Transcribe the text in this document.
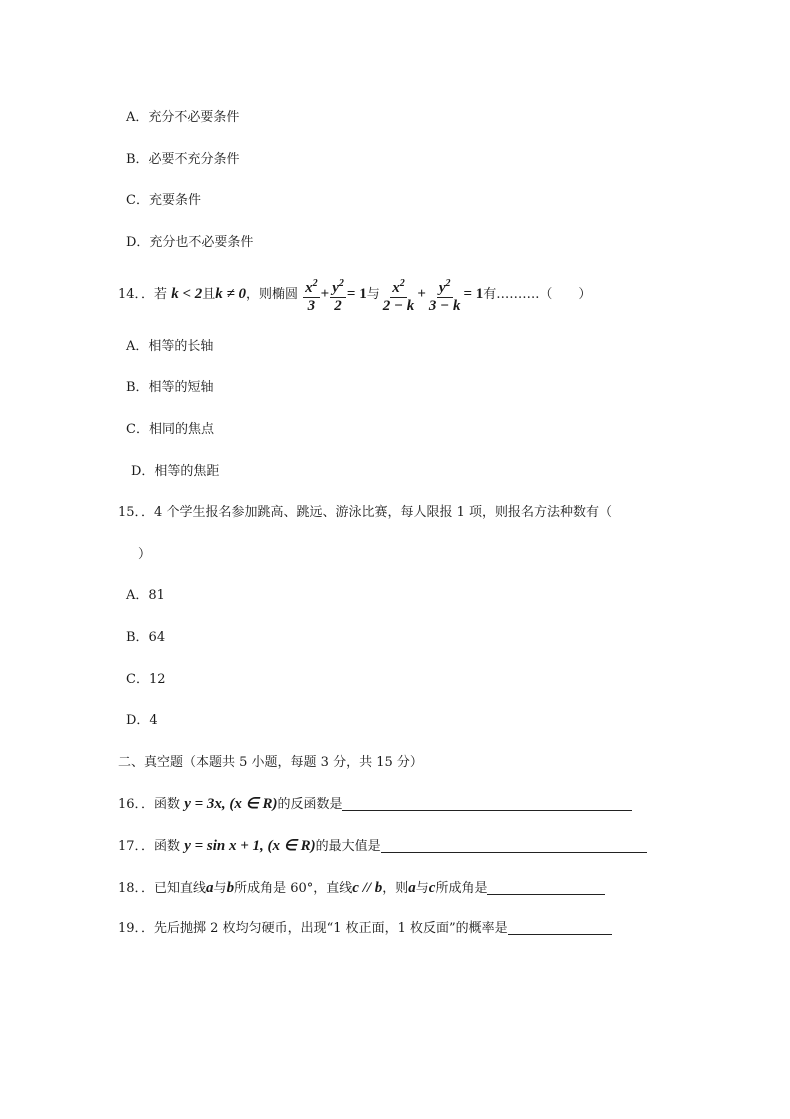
A．充分不必要条件
B．必要不充分条件
C．充要条件
D．充分也不必要条件
14．．若 k < 2且k ≠ 0，则椭圆 $\frac{x^2}{3} + \frac{y^2}{2} = 1$与 $\frac{x^2}{2 - k} + \frac{y^2}{3 - k} = 1$有……….（　　）
A．相等的长轴
B．相等的短轴
C．相同的焦点
D．相等的焦距
15．．4 个学生报名参加跳高、跳远、游泳比赛，每人限报 1 项，则报名方法种数有（
）
A．81
B．64
C．12
D．4
二、真空题（本题共 5 小题，每题 3 分，共 15 分）
16．．函数 y = 3x, (x ∈ R)的反函数是
17．．函数 y = sin x + 1, (x ∈ R)的最大值是
18．．已知直线a与b所成角是 60°，直线c // b，则a与c所成角是
19．．先后抛掷 2 枚均匀硬币，出现“1 枚正面，1 枚反面”的概率是
